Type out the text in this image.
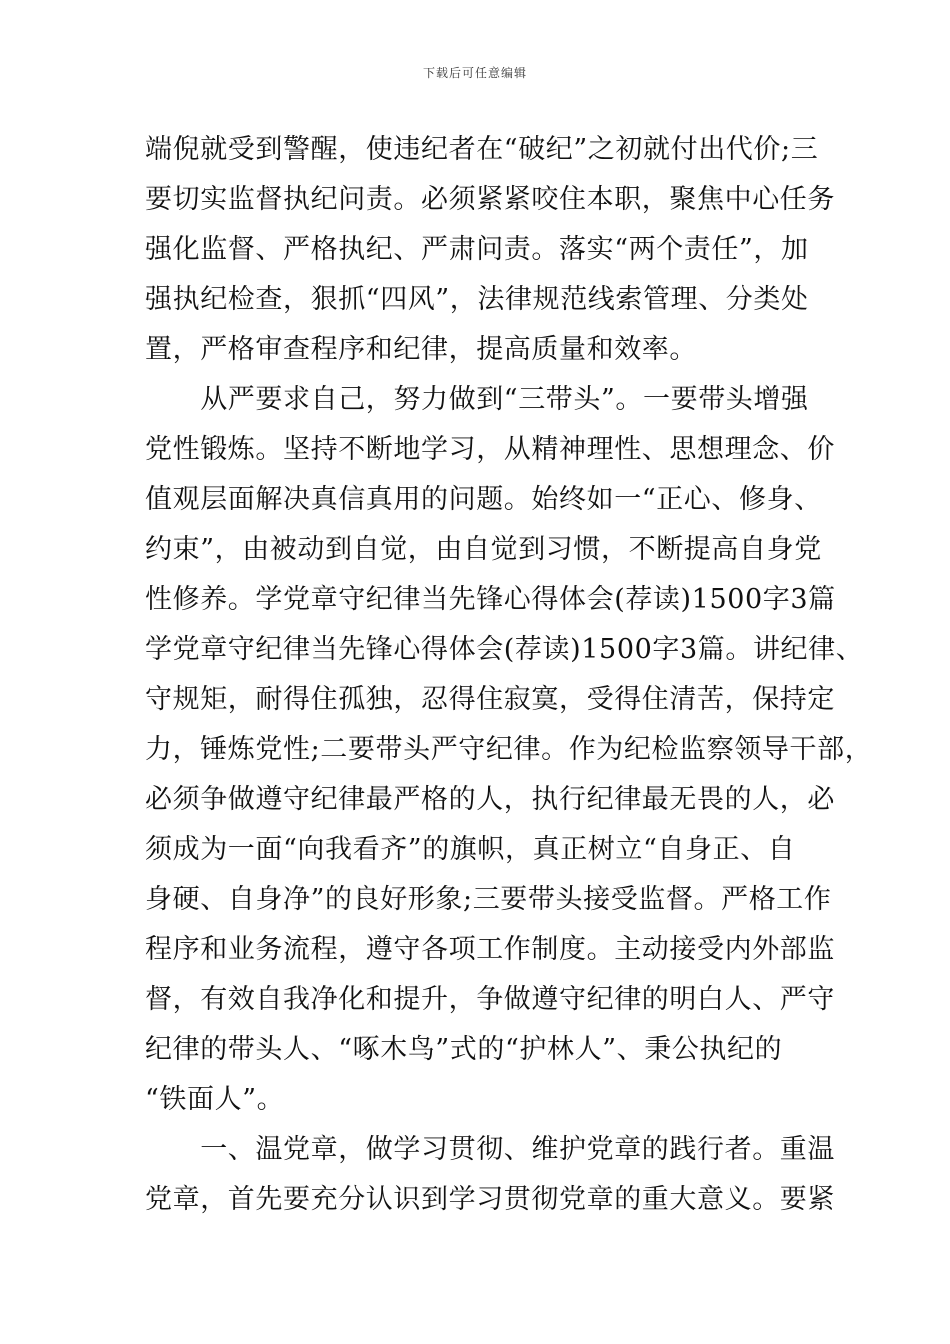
下载后可任意编辑
端倪就受到警醒，使违纪者在“破纪”之初就付出代价;三
要切实监督执纪问责。必须紧紧咬住本职，聚焦中心任务
强化监督、严格执纪、严肃问责。落实“两个责任”，加
强执纪检查，狠抓“四风”，法律规范线索管理、分类处
置，严格审查程序和纪律，提高质量和效率。
　　从严要求自己，努力做到“三带头”。一要带头增强
党性锻炼。坚持不断地学习，从精神理性、思想理念、价
值观层面解决真信真用的问题。始终如一“正心、修身、
约束”，由被动到自觉，由自觉到习惯，不断提高自身党
性修养。学党章守纪律当先锋心得体会(荐读)1500字3篇
学党章守纪律当先锋心得体会(荐读)1500字3篇。讲纪律、
守规矩，耐得住孤独，忍得住寂寞，受得住清苦，保持定
力，锤炼党性;二要带头严守纪律。作为纪检监察领导干部，
必须争做遵守纪律最严格的人，执行纪律最无畏的人，必
须成为一面“向我看齐”的旗帜，真正树立“自身正、自
身硬、自身净”的良好形象;三要带头接受监督。严格工作
程序和业务流程，遵守各项工作制度。主动接受内外部监
督，有效自我净化和提升，争做遵守纪律的明白人、严守
纪律的带头人、“啄木鸟”式的“护林人”、秉公执纪的
“铁面人”。
　　一、温党章，做学习贯彻、维护党章的践行者。重温
党章，首先要充分认识到学习贯彻党章的重大意义。要紧
